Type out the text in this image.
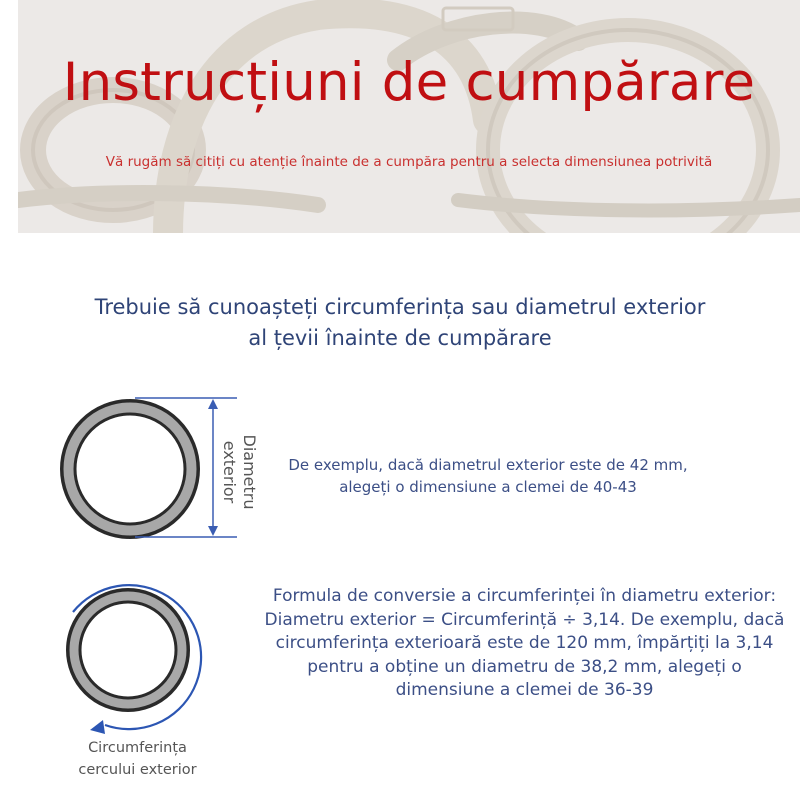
Instrucțiuni de cumpărare
Vă rugăm să citiți cu atenție înainte de a cumpăra pentru a selecta dimensiunea potrivită
Trebuie să cunoașteți circumferința sau diametrul exterior
al țevii înainte de cumpărare
Diametru
exterior	De exemplu, dacă diametrul exterior este de 42 mm, alegeți o dimensiune a clemei de 40-43
Circumferința
cercului exterior
Formula de conversie a circumferinței în diametru exterior: Diametru exterior = Circumferință ÷ 3,14. De exemplu, dacă circumferința exterioară este de 120 mm, împărțiți la 3,14 pentru a obține un diametru de 38,2 mm, alegeți o dimensiune a clemei de 36-39
